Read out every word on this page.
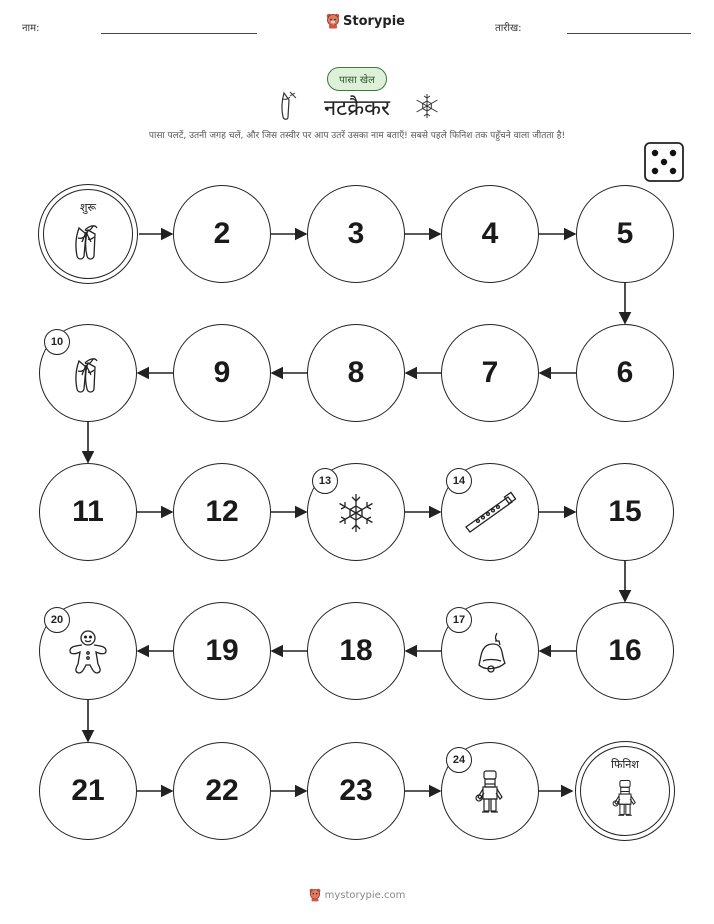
नाम:	Storypie	तारीख:
पासा खेल
नटक्रैकर
पासा पलटें, उतनी जगह चलें, और जिस तस्वीर पर आप उतरें उसका नाम बताएँ! सबसे पहले फिनिश तक पहुँचने वाला जीतता है!
शुरू
2	3	4	5
6
7
8
9
10
11	12
13	14
15
16
17
18
19
20
21	22	23
24	फिनिश
mystorypie.com
